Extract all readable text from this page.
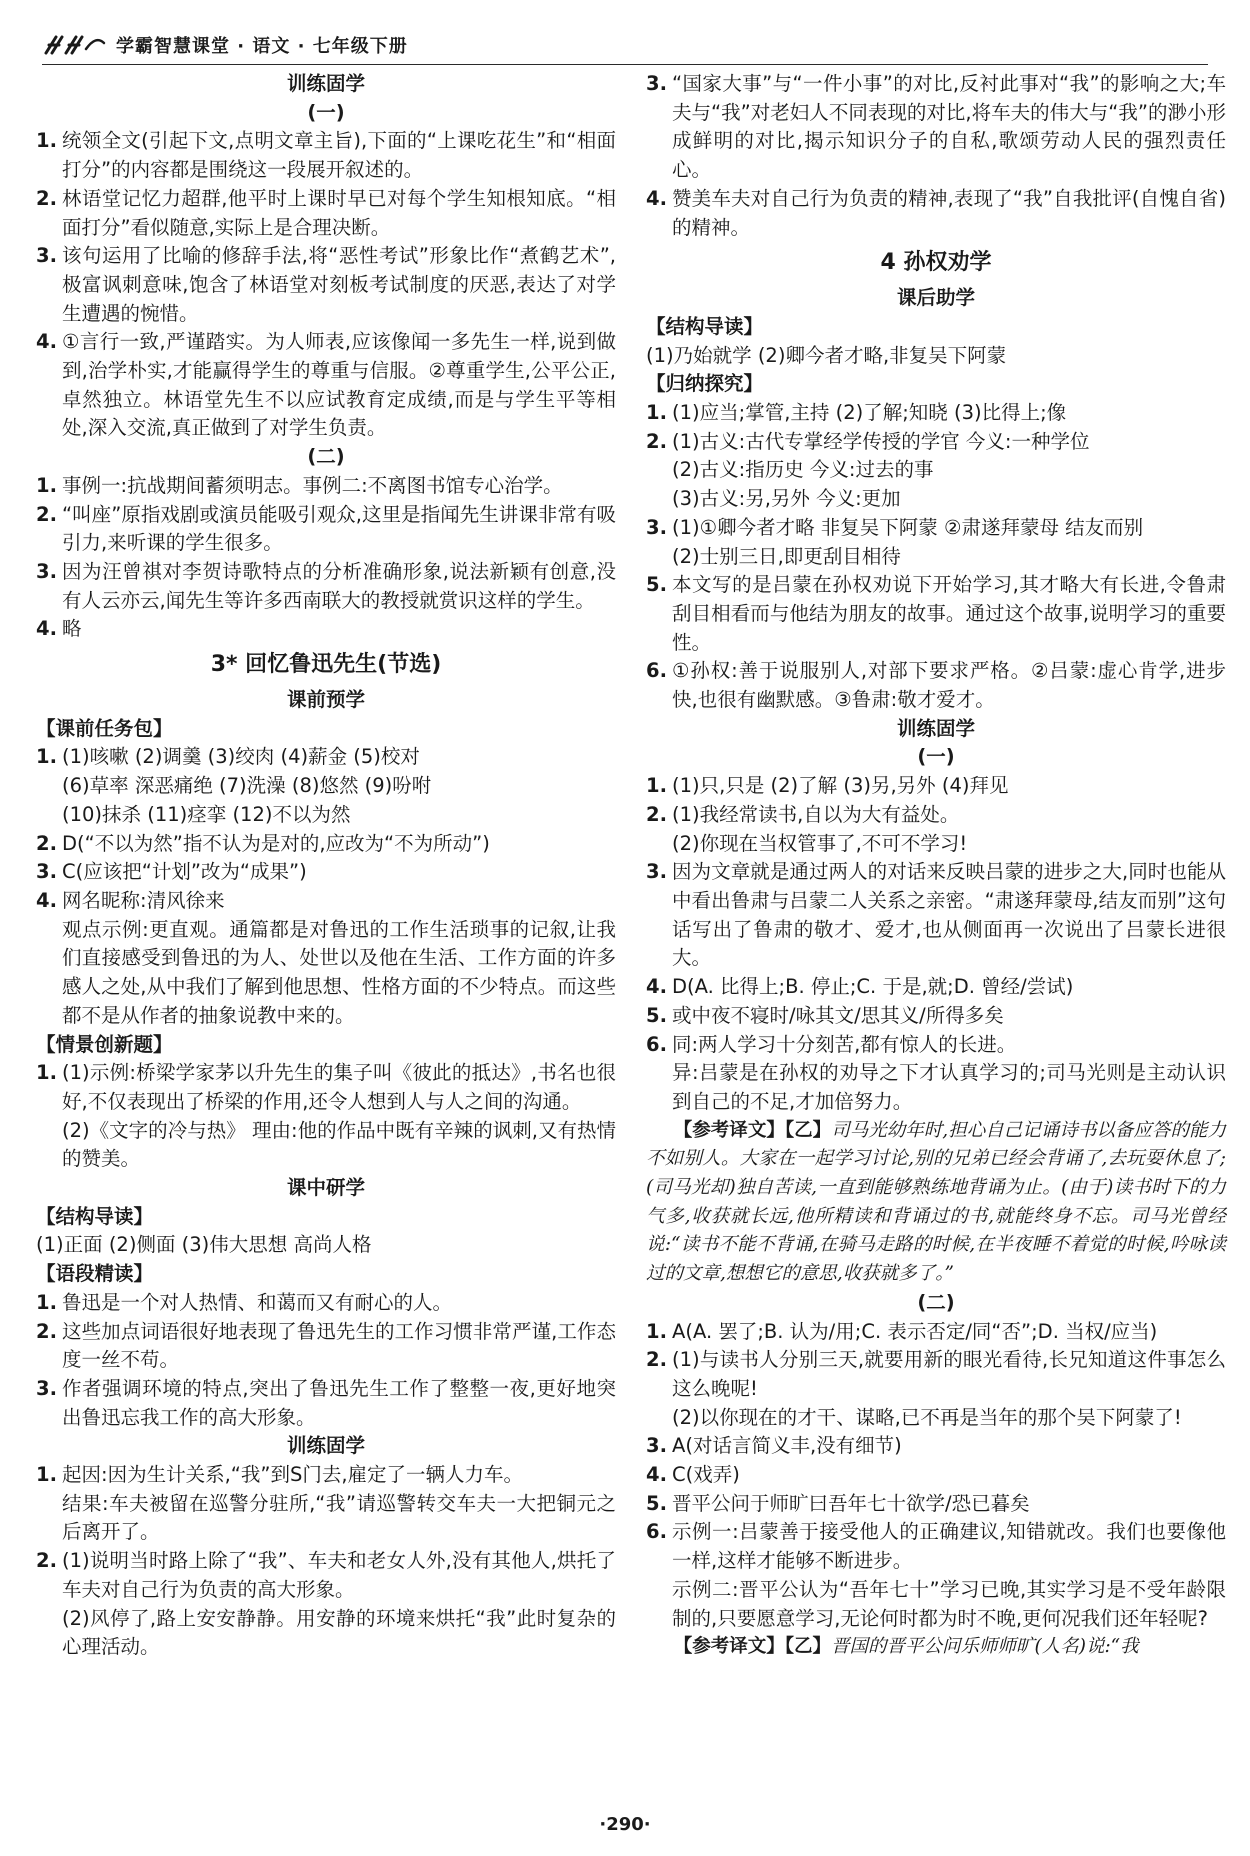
学霸智慧课堂 · 语文 · 七年级下册
训练固学
(一)
1. 统领全文(引起下文,点明文章主旨),下面的“上课吃花生”和“相面打分”的内容都是围绕这一段展开叙述的。
2. 林语堂记忆力超群,他平时上课时早已对每个学生知根知底。“相面打分”看似随意,实际上是合理决断。
3. 该句运用了比喻的修辞手法,将“恶性考试”形象比作“煮鹤艺术”,极富讽刺意味,饱含了林语堂对刻板考试制度的厌恶,表达了对学生遭遇的惋惜。
4. ①言行一致,严谨踏实。为人师表,应该像闻一多先生一样,说到做到,治学朴实,才能赢得学生的尊重与信服。②尊重学生,公平公正,卓然独立。林语堂先生不以应试教育定成绩,而是与学生平等相处,深入交流,真正做到了对学生负责。
(二)
1. 事例一:抗战期间蓄须明志。事例二:不离图书馆专心治学。
2. “叫座”原指戏剧或演员能吸引观众,这里是指闻先生讲课非常有吸引力,来听课的学生很多。
3. 因为汪曾祺对李贺诗歌特点的分析准确形象,说法新颖有创意,没有人云亦云,闻先生等许多西南联大的教授就赏识这样的学生。
4. 略
3* 回忆鲁迅先生(节选)
课前预学
【课前任务包】
1. (1)咳嗽 (2)调羹 (3)绞肉 (4)薪金 (5)校对
(6)草率 深恶痛绝 (7)洗澡 (8)悠然 (9)吩咐
(10)抹杀 (11)痉挛 (12)不以为然
2. D(“不以为然”指不认为是对的,应改为“不为所动”)
3. C(应该把“计划”改为“成果”)
4. 网名昵称:清风徐来
观点示例:更直观。通篇都是对鲁迅的工作生活琐事的记叙,让我们直接感受到鲁迅的为人、处世以及他在生活、工作方面的许多感人之处,从中我们了解到他思想、性格方面的不少特点。而这些都不是从作者的抽象说教中来的。
【情景创新题】
1. (1)示例:桥梁学家茅以升先生的集子叫《彼此的抵达》,书名也很好,不仅表现出了桥梁的作用,还令人想到人与人之间的沟通。
(2)《文字的冷与热》 理由:他的作品中既有辛辣的讽刺,又有热情的赞美。
课中研学
【结构导读】
(1)正面 (2)侧面 (3)伟大思想 高尚人格
【语段精读】
1. 鲁迅是一个对人热情、和蔼而又有耐心的人。
2. 这些加点词语很好地表现了鲁迅先生的工作习惯非常严谨,工作态度一丝不苟。
3. 作者强调环境的特点,突出了鲁迅先生工作了整整一夜,更好地突出鲁迅忘我工作的高大形象。
训练固学
1. 起因:因为生计关系,“我”到S门去,雇定了一辆人力车。
结果:车夫被留在巡警分驻所,“我”请巡警转交车夫一大把铜元之后离开了。
2. (1)说明当时路上除了“我”、车夫和老女人外,没有其他人,烘托了车夫对自己行为负责的高大形象。
(2)风停了,路上安安静静。用安静的环境来烘托“我”此时复杂的心理活动。
3. “国家大事”与“一件小事”的对比,反衬此事对“我”的影响之大;车夫与“我”对老妇人不同表现的对比,将车夫的伟大与“我”的渺小形成鲜明的对比,揭示知识分子的自私,歌颂劳动人民的强烈责任心。
4. 赞美车夫对自己行为负责的精神,表现了“我”自我批评(自愧自省)的精神。
4 孙权劝学
课后助学
【结构导读】
(1)乃始就学 (2)卿今者才略,非复吴下阿蒙
【归纳探究】
1. (1)应当;掌管,主持 (2)了解;知晓 (3)比得上;像
2. (1)古义:古代专掌经学传授的学官 今义:一种学位
(2)古义:指历史 今义:过去的事
(3)古义:另,另外 今义:更加
3. (1)①卿今者才略 非复吴下阿蒙 ②肃遂拜蒙母 结友而别
(2)士别三日,即更刮目相待
5. 本文写的是吕蒙在孙权劝说下开始学习,其才略大有长进,令鲁肃刮目相看而与他结为朋友的故事。通过这个故事,说明学习的重要性。
6. ①孙权:善于说服别人,对部下要求严格。②吕蒙:虚心肯学,进步快,也很有幽默感。③鲁肃:敬才爱才。
训练固学
(一)
1. (1)只,只是 (2)了解 (3)另,另外 (4)拜见
2. (1)我经常读书,自以为大有益处。
(2)你现在当权管事了,不可不学习!
3. 因为文章就是通过两人的对话来反映吕蒙的进步之大,同时也能从中看出鲁肃与吕蒙二人关系之亲密。“肃遂拜蒙母,结友而别”这句话写出了鲁肃的敬才、爱才,也从侧面再一次说出了吕蒙长进很大。
4. D(A. 比得上;B. 停止;C. 于是,就;D. 曾经/尝试)
5. 或中夜不寝时/咏其文/思其义/所得多矣
6. 同:两人学习十分刻苦,都有惊人的长进。
异:吕蒙是在孙权的劝导之下才认真学习的;司马光则是主动认识到自己的不足,才加倍努力。
【参考译文】【乙】司马光幼年时,担心自己记诵诗书以备应答的能力不如别人。大家在一起学习讨论,别的兄弟已经会背诵了,去玩耍休息了;(司马光却)独自苦读,一直到能够熟练地背诵为止。(由于)读书时下的力气多,收获就长远,他所精读和背诵过的书,就能终身不忘。司马光曾经说:“读书不能不背诵,在骑马走路的时候,在半夜睡不着觉的时候,吟咏读过的文章,想想它的意思,收获就多了。”
(二)
1. A(A. 罢了;B. 认为/用;C. 表示否定/同“否”;D. 当权/应当)
2. (1)与读书人分别三天,就要用新的眼光看待,长兄知道这件事怎么这么晚呢!
(2)以你现在的才干、谋略,已不再是当年的那个吴下阿蒙了!
3. A(对话言简义丰,没有细节)
4. C(戏弄)
5. 晋平公问于师旷曰吾年七十欲学/恐已暮矣
6. 示例一:吕蒙善于接受他人的正确建议,知错就改。我们也要像他一样,这样才能够不断进步。
示例二:晋平公认为“吾年七十”学习已晚,其实学习是不受年龄限制的,只要愿意学习,无论何时都为时不晚,更何况我们还年轻呢?
【参考译文】【乙】晋国的晋平公问乐师师旷(人名)说:“我
·290·
